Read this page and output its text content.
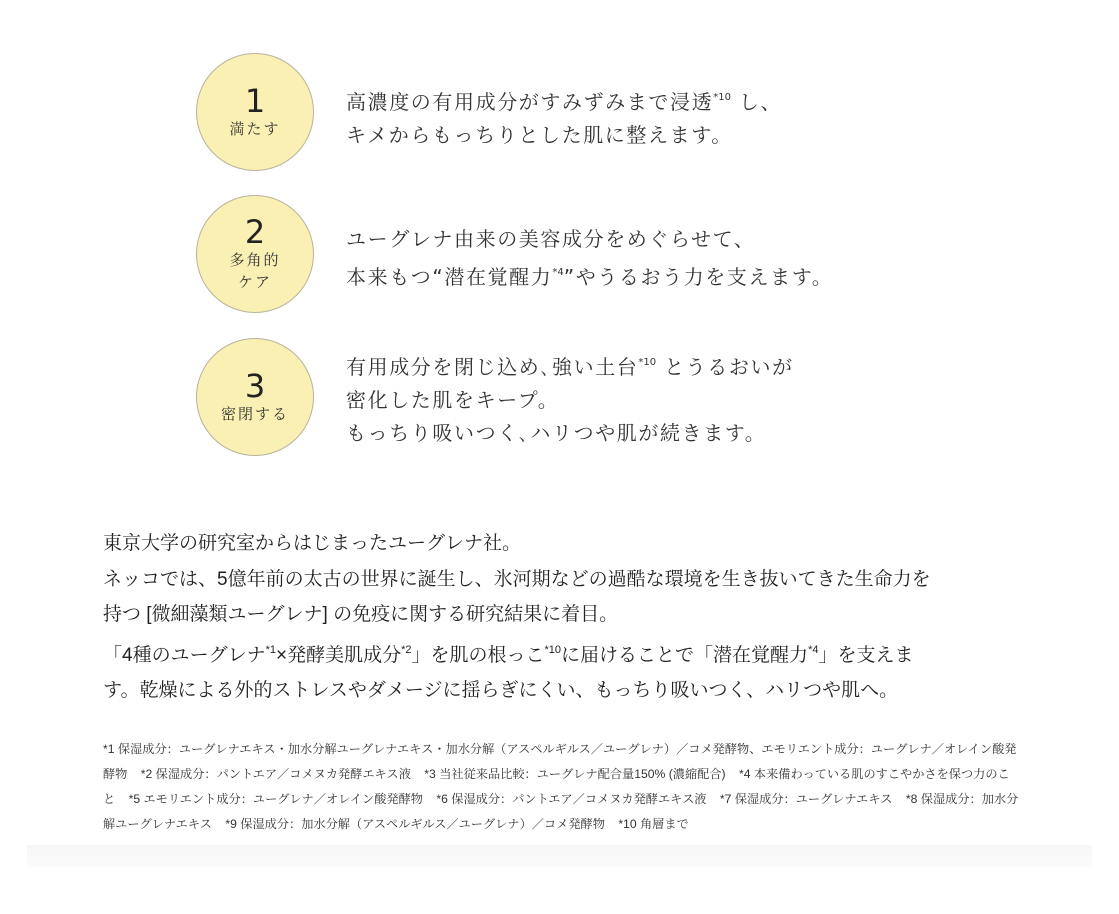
1
満たす
高濃度の有用成分がすみずみまで浸透$^{*10}$ し、
キメからもっちりとした肌に整えます。
2
多角的
ケア
ユーグレナ由来の美容成分をめぐらせて、
本来もつ“潜在覚醒力$^{*4}$”やうるおう力を支えます。
3
密閉する
有用成分を閉じ込め､強い土台$^{*10}$ とうるおいが
密化した肌をキープ。
もっちり吸いつく､ハリつや肌が続きます。

東京大学の研究室からはじまったユーグレナ社。

ネッコでは、5億年前の太古の世界に誕生し、氷河期などの過酷な環境を生き抜いてきた生命力を

持つ [微細藻類ユーグレナ] の免疫に関する研究結果に着目。

「4種のユーグレナ$^{*1}$×発酵美肌成分$^{*2}$」を肌の根っこ$^{*10}$に届けることで「潜在覚醒力$^{*4}$」を支えま

す。乾燥による外的ストレスやダメージに揺らぎにくい、もっちり吸いつく、ハリつや肌へ。

*1 保湿成分：ユーグレナエキス・加水分解ユーグレナエキス・加水分解（アスペルギルス／ユーグレナ）／コメ発酵物、エモリエント成分：ユーグレナ／オレイン酸発酵物 *2 保湿成分：パントエア／コメヌカ発酵エキス液 *3 当社従来品比較：ユーグレナ配合量150% (濃縮配合) *4 本来備わっている肌のすこやかさを保つ力のこと *5 エモリエント成分：ユーグレナ／オレイン酸発酵物 *6 保湿成分：パントエア／コメヌカ発酵エキス液 *7 保湿成分：ユーグレナエキス *8 保湿成分：加水分解ユーグレナエキス *9 保湿成分：加水分解（アスペルギルス／ユーグレナ）／コメ発酵物 *10 角層まで
